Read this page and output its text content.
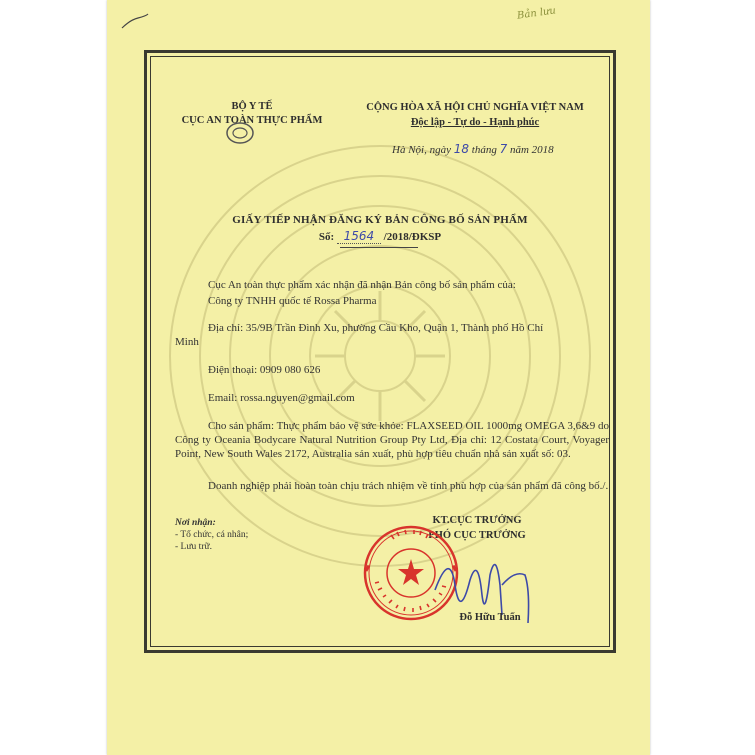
Bản lưu
BỘ Y TẾ
CỤC AN TOÀN THỰC PHẨM
CỘNG HÒA XÃ HỘI CHỦ NGHĨA VIỆT NAM
Độc lập - Tự do - Hạnh phúc
Hà Nội, ngày 18 tháng 7 năm 2018
GIẤY TIẾP NHẬN ĐĂNG KÝ BẢN CÔNG BỐ SẢN PHẨM
Số: 1564 /2018/ĐKSP
Cục An toàn thực phẩm xác nhận đã nhận Bản công bố sản phẩm của:
Công ty TNHH quốc tế Rossa Pharma
Địa chỉ: 35/9B Trần Đình Xu, phường Cầu Kho, Quận 1, Thành phố Hồ Chí
Minh
Điện thoại: 0909 080 626
Email: rossa.nguyen@gmail.com
Cho sản phẩm: Thực phẩm bảo vệ sức khỏe: FLAXSEED OIL 1000mg OMEGA 3,6&9 do Công ty Oceania Bodycare Natural Nutrition Group Pty Ltd, Địa chỉ: 12 Costata Court, Voyager Point, New South Wales 2172, Australia sản xuất, phù hợp tiêu chuẩn nhà sản xuất số: 03.
Doanh nghiệp phải hoàn toàn chịu trách nhiệm về tính phù hợp của sản phẩm đã công bố./.
Nơi nhận:
- Tổ chức, cá nhân;
- Lưu trữ.
KT.CỤC TRƯỞNG
PHÓ CỤC TRƯỞNG
Đỗ Hữu Tuấn
